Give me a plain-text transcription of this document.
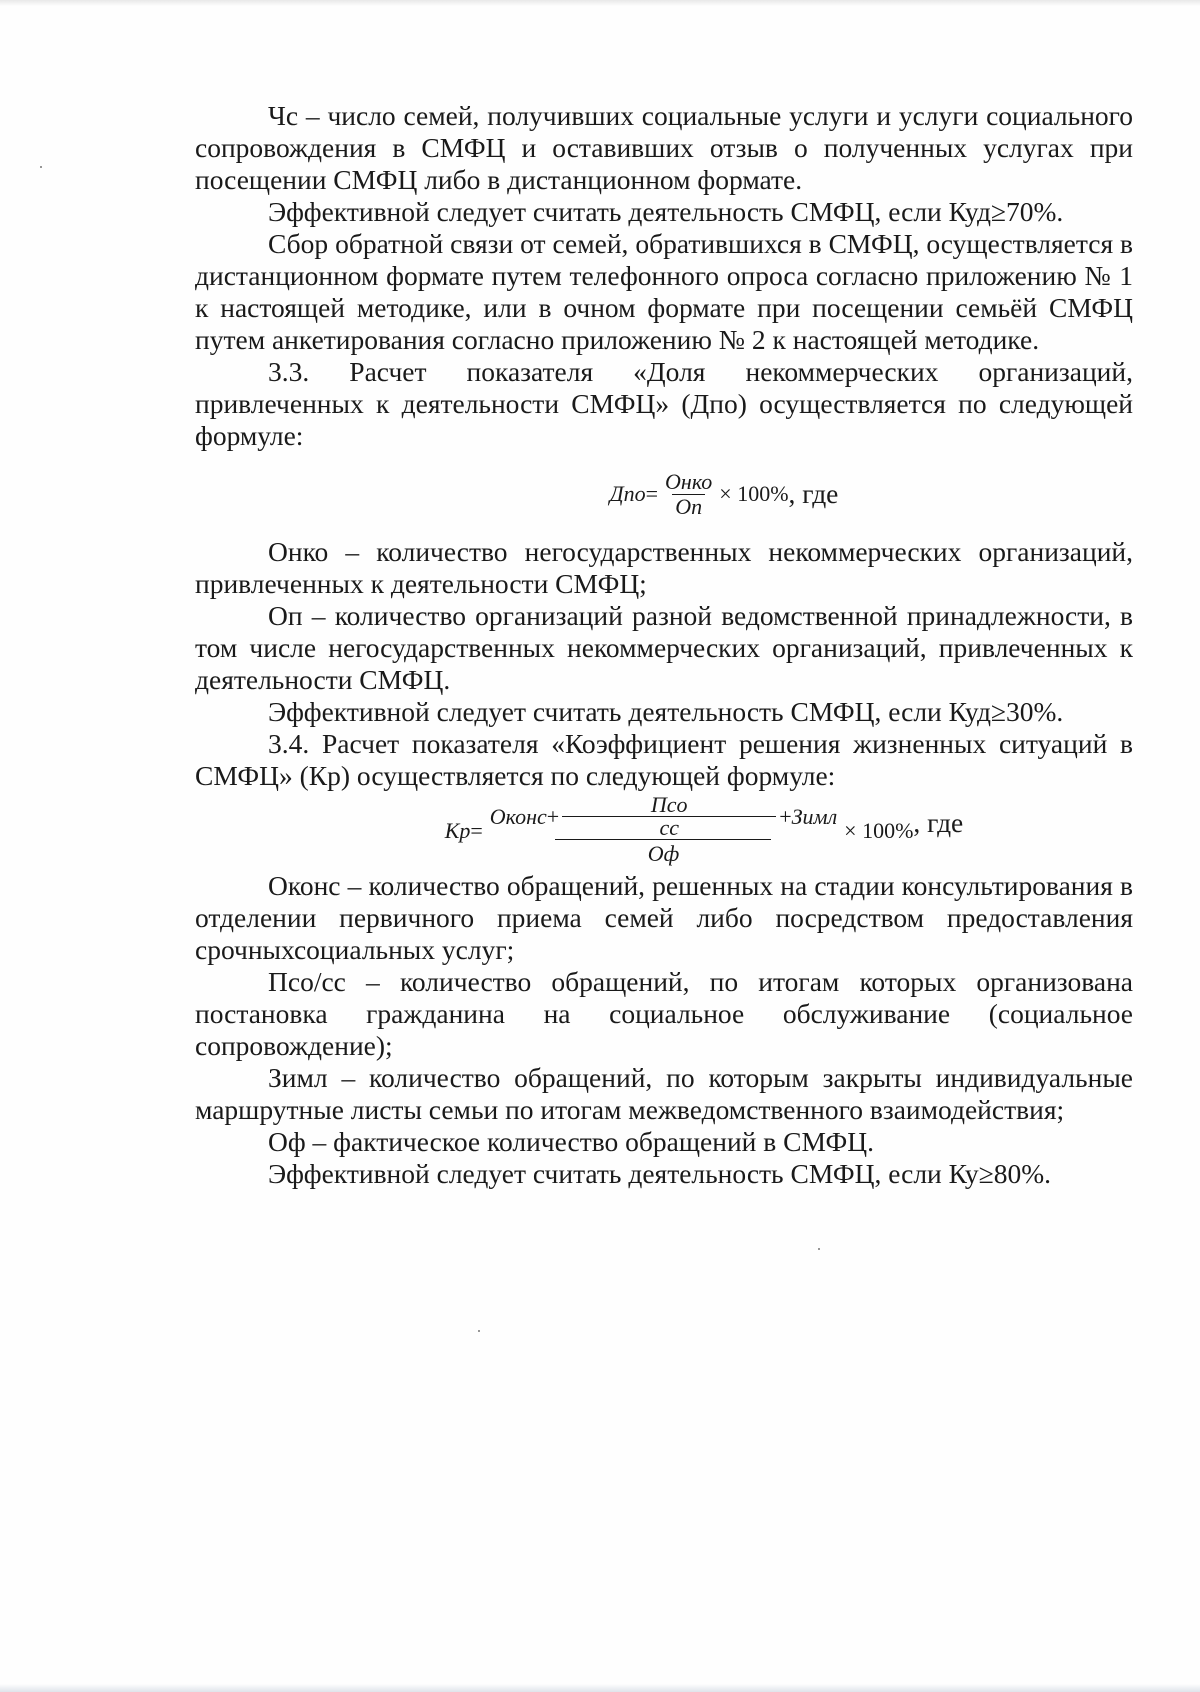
Чс – число семей, получивших социальные услуги и услуги социального сопровождения в СМФЦ и оставивших отзыв о полученных услугах при посещении СМФЦ либо в дистанционном формате.

Эффективной следует считать деятельность СМФЦ, если Куд≥70%.

Сбор обратной связи от семей, обратившихся в СМФЦ, осуществляется в дистанционном формате путем телефонного опроса согласно приложению № 1 к настоящей методике, или в очном формате при посещении семьёй СМФЦ путем анкетирования согласно приложению № 2 к настоящей методике.

3.3. Расчет показателя «Доля некоммерческих организаций, привлеченных к деятельности СМФЦ» (Дпо) осуществляется по следующей формуле:

Дпо = $\frac{\text{Онко}}{Оп} \times 100\%$ , где

Онко – количество негосударственных некоммерческих организаций, привлеченных к деятельности СМФЦ;

Оп – количество организаций разной ведомственной принадлежности, в том числе негосударственных некоммерческих организаций, привлеченных к деятельности СМФЦ.

Эффективной следует считать деятельность СМФЦ, если Куд≥30%.

3.4. Расчет показателя «Коэффициент решения жизненных ситуаций в СМФЦ» (Кр) осуществляется по следующей формуле:

Кр =
Оконс + $\frac{\text{Пco}}{cc}$ + Зимл
Оф
× 100% , где

Оконс – количество обращений, решенных на стадии консультирования в отделении первичного приема семей либо посредством предоставления срочныхсоциальных услуг;

Псо/сс – количество обращений, по итогам которых организована постановка гражданина на социальное обслуживание (социальное сопровождение);

Зимл – количество обращений, по которым закрыты индивидуальные маршрутные листы семьи по итогам межведомственного взаимодействия;

Оф – фактическое количество обращений в СМФЦ.

Эффективной следует считать деятельность СМФЦ, если Ку≥80%.
